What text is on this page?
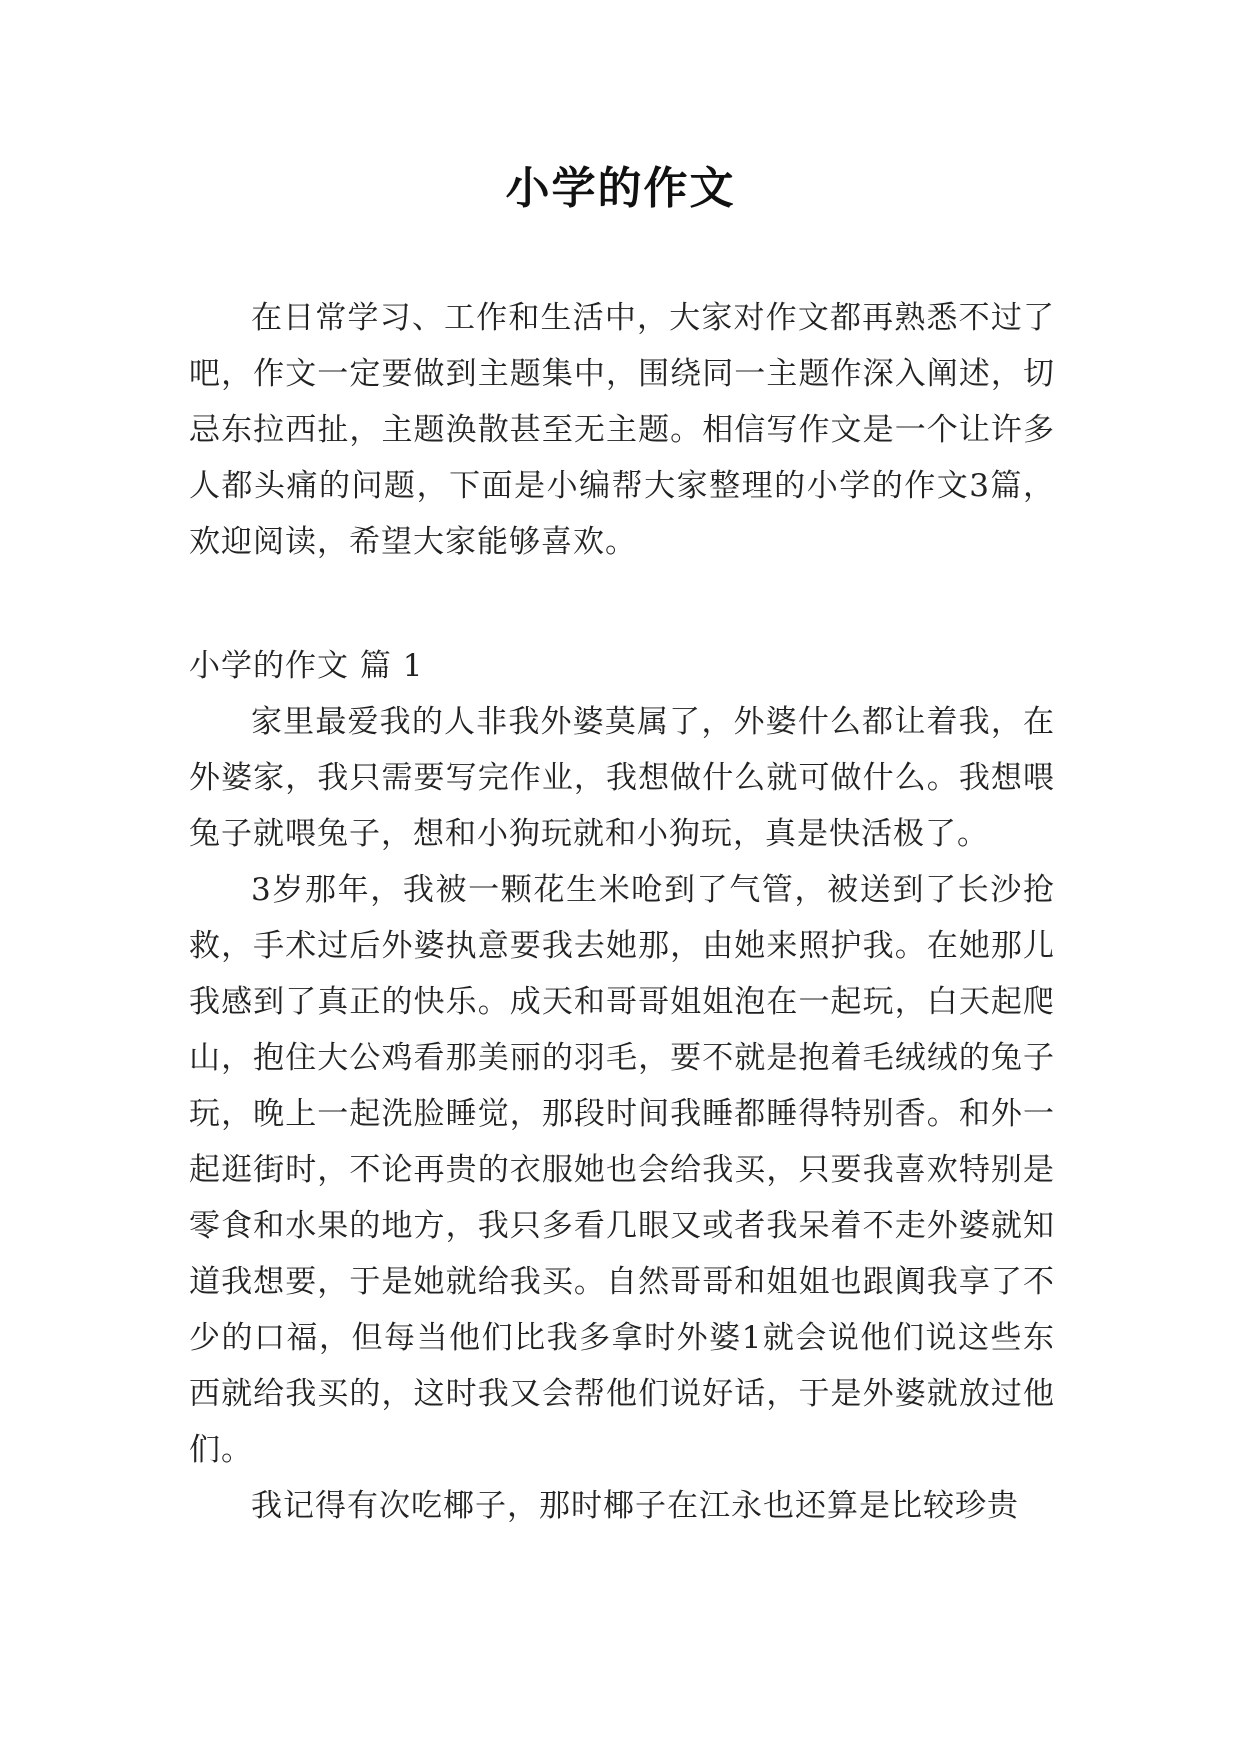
小学的作文

在日常学习、工作和生活中，大家对作文都再熟悉不过了吧，作文一定要做到主题集中，围绕同一主题作深入阐述，切忌东拉西扯，主题涣散甚至无主题。相信写作文是一个让许多人都头痛的问题，下面是小编帮大家整理的小学的作文3篇，欢迎阅读，希望大家能够喜欢。

小学的作文 篇 1

家里最爱我的人非我外婆莫属了，外婆什么都让着我，在外婆家，我只需要写完作业，我想做什么就可做什么。我想喂兔子就喂兔子，想和小狗玩就和小狗玩，真是快活极了。

3岁那年，我被一颗花生米呛到了气管，被送到了长沙抢救，手术过后外婆执意要我去她那，由她来照护我。在她那儿我感到了真正的快乐。成天和哥哥姐姐泡在一起玩，白天起爬山，抱住大公鸡看那美丽的羽毛，要不就是抱着毛绒绒的兔子玩，晚上一起洗脸睡觉，那段时间我睡都睡得特别香。和外一起逛街时，不论再贵的衣服她也会给我买，只要我喜欢特别是零食和水果的地方，我只多看几眼又或者我呆着不走外婆就知道我想要，于是她就给我买。自然哥哥和姐姐也跟阗我享了不少的口福，但每当他们比我多拿时外婆1就会说他们说这些东西就给我买的，这时我又会帮他们说好话，于是外婆就放过他们。

我记得有次吃椰子，那时椰子在江永也还算是比较珍贵
